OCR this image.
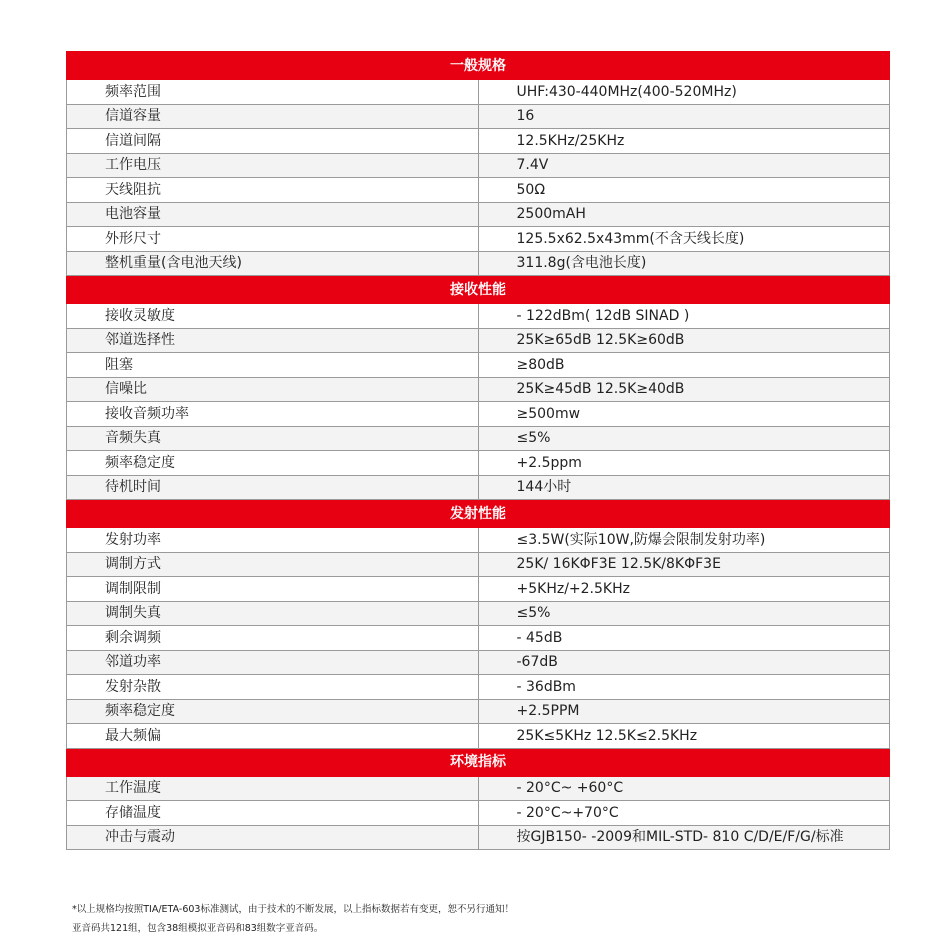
一般规格	
频率范围	UHF:430-440MHz(400-520MHz)
信道容量	16
信道间隔	12.5KHz/25KHz
工作电压	7.4V
天线阻抗	50Ω
电池容量	2500mAH
外形尺寸	125.5x62.5x43mm(不含天线长度)
整机重量(含电池天线)	311.8g(含电池长度)
接收性能	
接收灵敏度	- 122dBm( 12dB SINAD )
邻道选择性	25K≥65dB 12.5K≥60dB
阻塞	≥80dB
信噪比	25K≥45dB 12.5K≥40dB
接收音频功率	≥500mw
音频失真	≤5%
频率稳定度	+2.5ppm
待机时间	144小时
发射性能	
发射功率	≤3.5W(实际10W,防爆会限制发射功率)
调制方式	25K/ 16KΦF3E 12.5K/8KΦF3E
调制限制	+5KHz/+2.5KHz
调制失真	≤5%
剩余调频	- 45dB
邻道功率	-67dB
发射杂散	- 36dBm
频率稳定度	+2.5PPM
最大频偏	25K≤5KHz 12.5K≤2.5KHz
环境指标	
工作温度	- 20°C~ +60°C
存储温度	- 20°C~+70°C
冲击与震动	按GJB150- -2009和MIL-STD- 810 C/D/E/F/G/标准
*以上规格均按照TIA/ETA-603标准测试，由于技术的不断发展，以上指标数据若有变更，恕不另行通知！
亚音码共121组，包含38组模拟亚音码和83组数字亚音码。
